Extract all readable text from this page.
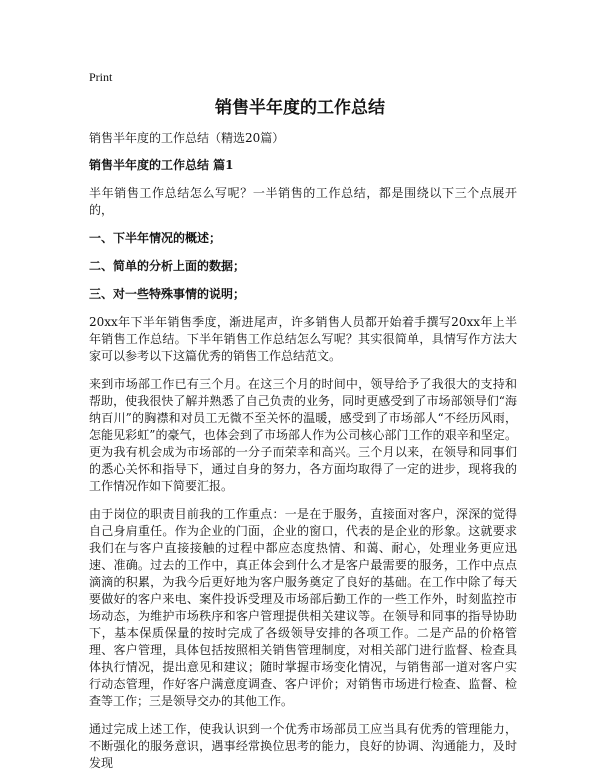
Print
销售半年度的工作总结

销售半年度的工作总结（精选20篇）

销售半年度的工作总结 篇1

半年销售工作总结怎么写呢？一半销售的工作总结，都是围绕以下三个点展开的，

一、下半年情况的概述；

二、简单的分析上面的数据；

三、对一些特殊事情的说明；

20xx年下半年销售季度，渐进尾声，许多销售人员都开始着手撰写20xx年上半年销售工作总结。下半年销售工作总结怎么写呢？其实很简单，具情写作方法大家可以参考以下这篇优秀的销售工作总结范文。

来到市场部工作已有三个月。在这三个月的时间中，领导给予了我很大的支持和帮助，使我很快了解并熟悉了自己负责的业务，同时更感受到了市场部领导们“海纳百川”的胸襟和对员工无微不至关怀的温暖，感受到了市场部人“不经历风雨，怎能见彩虹”的豪气，也体会到了市场部人作为公司核心部门工作的艰辛和坚定。更为我有机会成为市场部的一分子而荣幸和高兴。三个月以来，在领导和同事们的悉心关怀和指导下，通过自身的努力，各方面均取得了一定的进步，现将我的工作情况作如下简要汇报。

由于岗位的职责目前我的工作重点：一是在于服务，直接面对客户，深深的觉得自己身肩重任。作为企业的门面，企业的窗口，代表的是企业的形象。这就要求我们在与客户直接接触的过程中都应态度热情、和蔼、耐心，处理业务更应迅速、准确。过去的工作中，真正体会到什么才是客户最需要的服务，工作中点点滴滴的积累，为我今后更好地为客户服务奠定了良好的基础。在工作中除了每天要做好的客户来电、案件投诉受理及市场部后勤工作的一些工作外，时刻监控市场动态，为维护市场秩序和客户管理提供相关建议等。在领导和同事的指导协助下，基本保质保量的按时完成了各级领导安排的各项工作。二是产品的价格管理、客户管理，具体包括按照相关销售管理制度，对相关部门进行监督、检查具体执行情况，提出意见和建议；随时掌握市场变化情况，与销售部一道对客户实行动态管理，作好客户满意度调查、客户评价；对销售市场进行检查、监督、检查等工作；三是领导交办的其他工作。

通过完成上述工作，使我认识到一个优秀市场部员工应当具有优秀的管理能力，不断强化的服务意识，遇事经常换位思考的能力，良好的协调、沟通能力，及时发现
